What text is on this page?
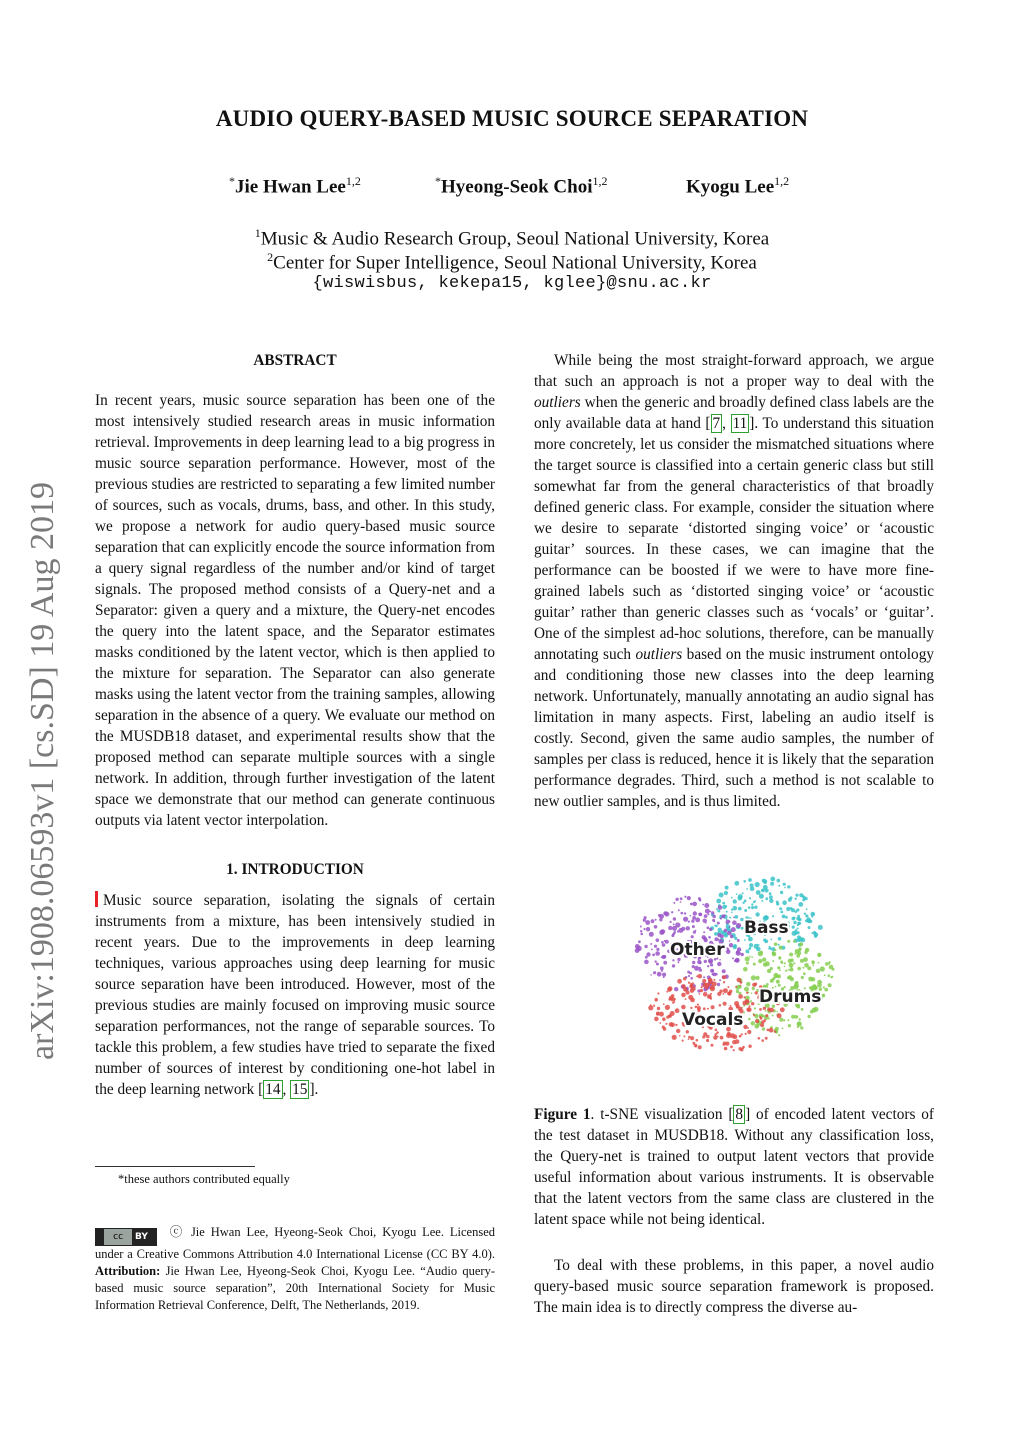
AUDIO QUERY-BASED MUSIC SOURCE SEPARATION
*Jie Hwan Lee$^{1,2}$	*Hyeong-Seok Choi$^{1,2}$	Kyogu Lee$^{1,2}$
$^1$Music & Audio Research Group, Seoul National University, Korea
$^2$Center for Super Intelligence, Seoul National University, Korea
{wiswisbus, kekepa15, kglee}@snu.ac.kr
arXiv:1908.06593v1 [cs.SD] 19 Aug 2019

ABSTRACT

In recent years, music source separation has been one of the most intensively studied research areas in music information retrieval. Improvements in deep learning lead to a big progress in music source separation performance. However, most of the previous studies are restricted to separating a few limited number of sources, such as vocals, drums, bass, and other. In this study, we propose a network for audio query-based music source separation that can explicitly encode the source information from a query signal regardless of the number and/or kind of target signals. The proposed method consists of a Query-net and a Separator: given a query and a mixture, the Query-net encodes the query into the latent space, and the Separator estimates masks conditioned by the latent vector, which is then applied to the mixture for separation. The Separator can also generate masks using the latent vector from the training samples, allowing separation in the absence of a query. We evaluate our method on the MUSDB18 dataset, and experimental results show that the proposed method can separate multiple sources with a single network. In addition, through further investigation of the latent space we demonstrate that our method can generate continuous outputs via latent vector interpolation.

1. INTRODUCTION

Music source separation, isolating the signals of certain instruments from a mixture, has been intensively studied in recent years. Due to the improvements in deep learning techniques, various approaches using deep learning for music source separation have been introduced. However, most of the previous studies are mainly focused on improving music source separation performances, not the range of separable sources. To tackle this problem, a few studies have tried to separate the fixed number of sources of interest by conditioning one-hot label in the deep learning network [ 14 , 15 ].

*these authors contributed equally
cc BY ⓒ Jie Hwan Lee, Hyeong-Seok Choi, Kyogu Lee. Licensed under a Creative Commons Attribution 4.0 International License (CC BY 4.0). Attribution: Jie Hwan Lee, Hyeong-Seok Choi, Kyogu Lee. “Audio query-based music source separation”, 20th International Society for Music Information Retrieval Conference, Delft, The Netherlands, 2019.

While being the most straight-forward approach, we argue that such an approach is not a proper way to deal with the outliers when the generic and broadly defined class labels are the only available data at hand [ 7 , 11 ]. To understand this situation more concretely, let us consider the mismatched situations where the target source is classified into a certain generic class but still somewhat far from the general characteristics of that broadly defined generic class. For example, consider the situation where we desire to separate ‘distorted singing voice’ or ‘acoustic guitar’ sources. In these cases, we can imagine that the performance can be boosted if we were to have more fine-grained labels such as ‘distorted singing voice’ or ‘acoustic guitar’ rather than generic classes such as ‘vocals’ or ‘guitar’. One of the simplest ad-hoc solutions, therefore, can be manually annotating such outliers based on the music instrument ontology and conditioning those new classes into the deep learning network. Unfortunately, manually annotating an audio signal has limitation in many aspects. First, labeling an audio itself is costly. Second, given the same audio samples, the number of samples per class is reduced, hence it is likely that the separation performance degrades. Third, such a method is not scalable to new outlier samples, and is thus limited.

Bass
Other
Drums
Vocals
Figure 1. t-SNE visualization [ 8 ] of encoded latent vectors of the test dataset in MUSDB18. Without any classification loss, the Query-net is trained to output latent vectors that provide useful information about various instruments. It is observable that the latent vectors from the same class are clustered in the latent space while not being identical.

To deal with these problems, in this paper, a novel audio query-based music source separation framework is proposed. The main idea is to directly compress the diverse au-
